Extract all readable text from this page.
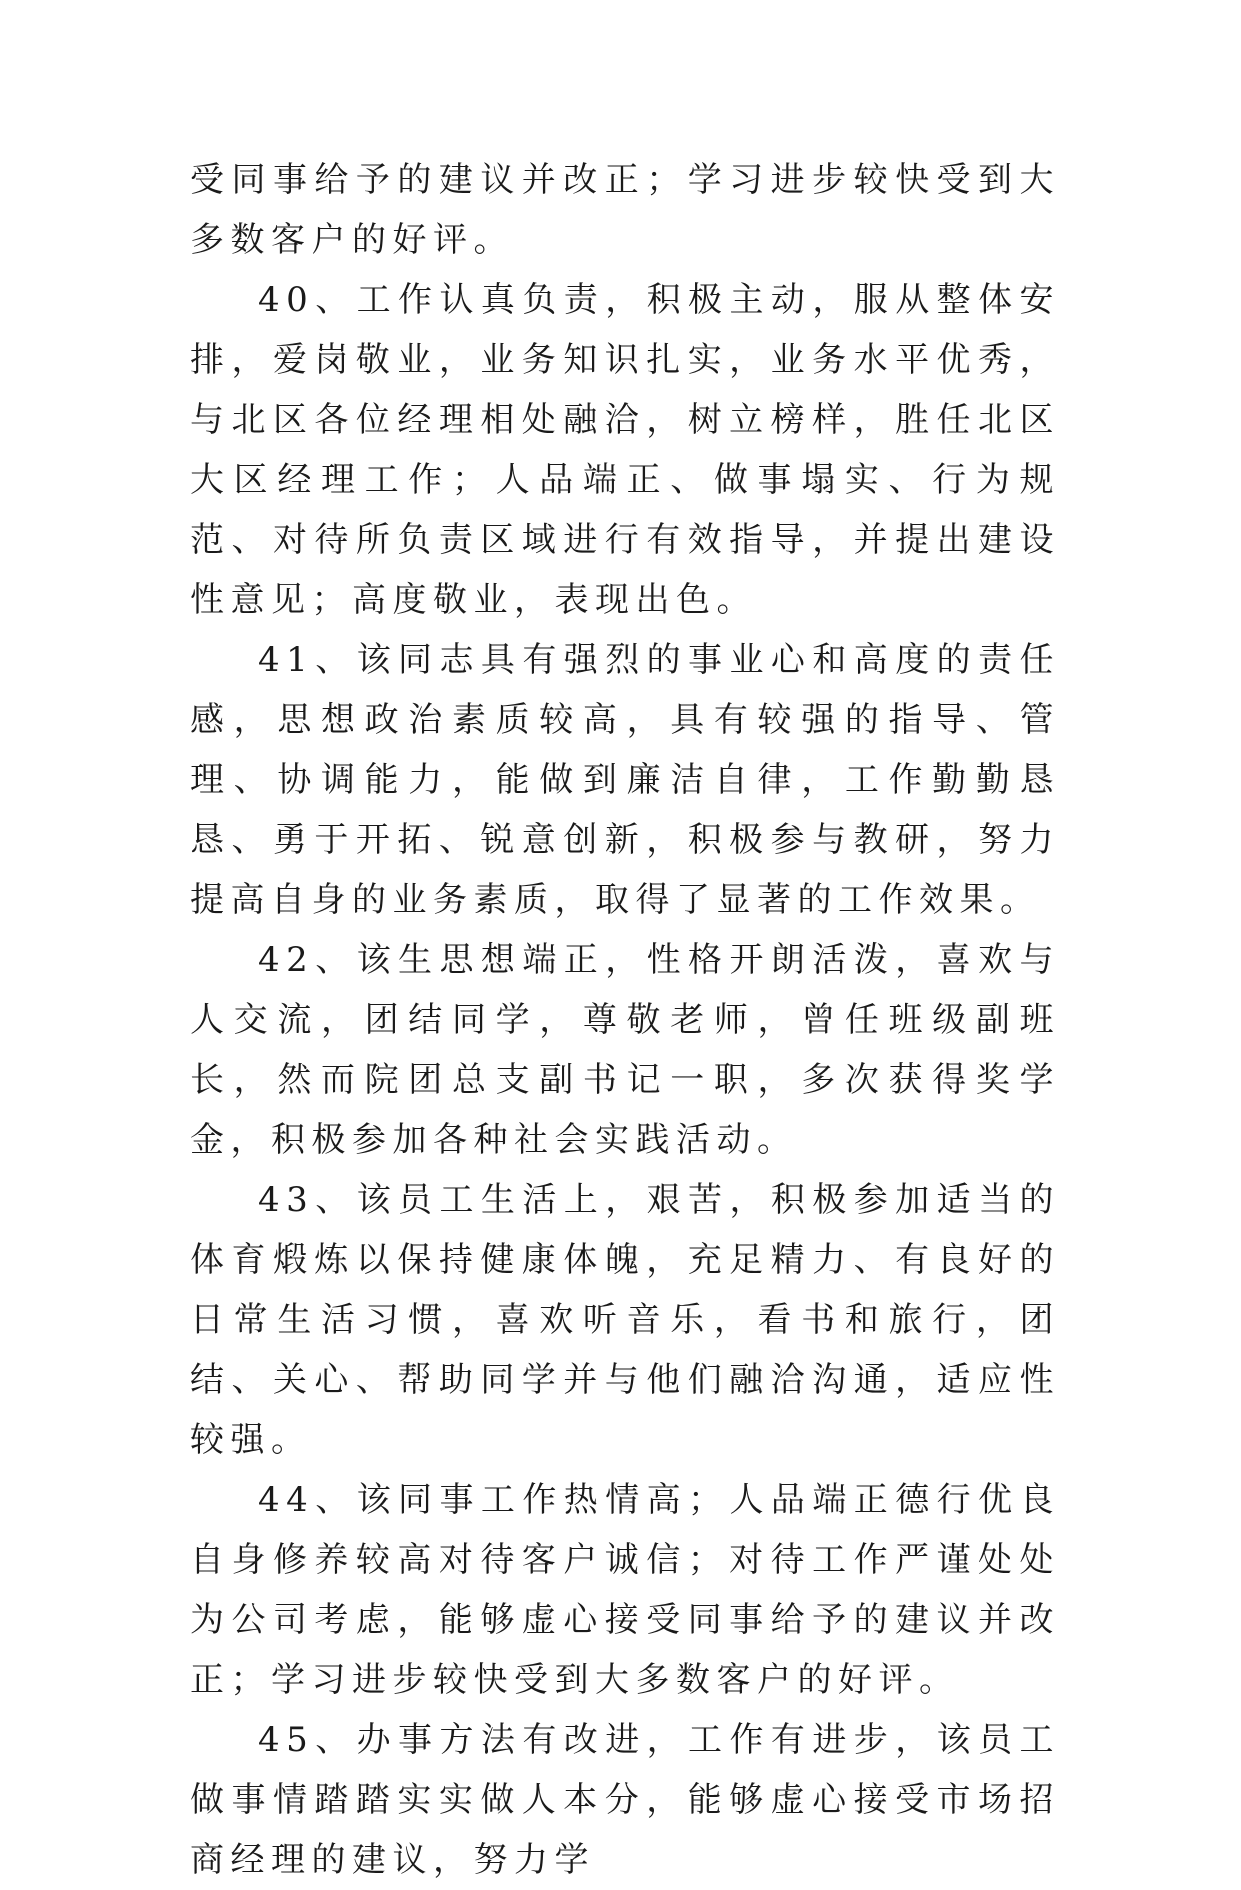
受同事给予的建议并改正；学习进步较快受到大多数客户的好评。

40、工作认真负责，积极主动，服从整体安排，爱岗敬业，业务知识扎实，业务水平优秀，与北区各位经理相处融洽，树立榜样，胜任北区大区经理工作；人品端正、做事塌实、行为规范、对待所负责区域进行有效指导，并提出建设性意见；高度敬业，表现出色。

41、该同志具有强烈的事业心和高度的责任感，思想政治素质较高，具有较强的指导、管理、协调能力，能做到廉洁自律，工作勤勤恳恳、勇于开拓、锐意创新，积极参与教研，努力提高自身的业务素质，取得了显著的工作效果。

42、该生思想端正，性格开朗活泼，喜欢与人交流，团结同学，尊敬老师，曾任班级副班长，然而院团总支副书记一职，多次获得奖学金，积极参加各种社会实践活动。

43、该员工生活上，艰苦，积极参加适当的体育煅炼以保持健康体魄，充足精力、有良好的日常生活习惯，喜欢听音乐，看书和旅行，团结、关心、帮助同学并与他们融洽沟通，适应性较强。

44、该同事工作热情高；人品端正德行优良自身修养较高对待客户诚信；对待工作严谨处处为公司考虑，能够虚心接受同事给予的建议并改正；学习进步较快受到大多数客户的好评。

45、办事方法有改进，工作有进步，该员工做事情踏踏实实做人本分，能够虚心接受市场招商经理的建议，努力学
